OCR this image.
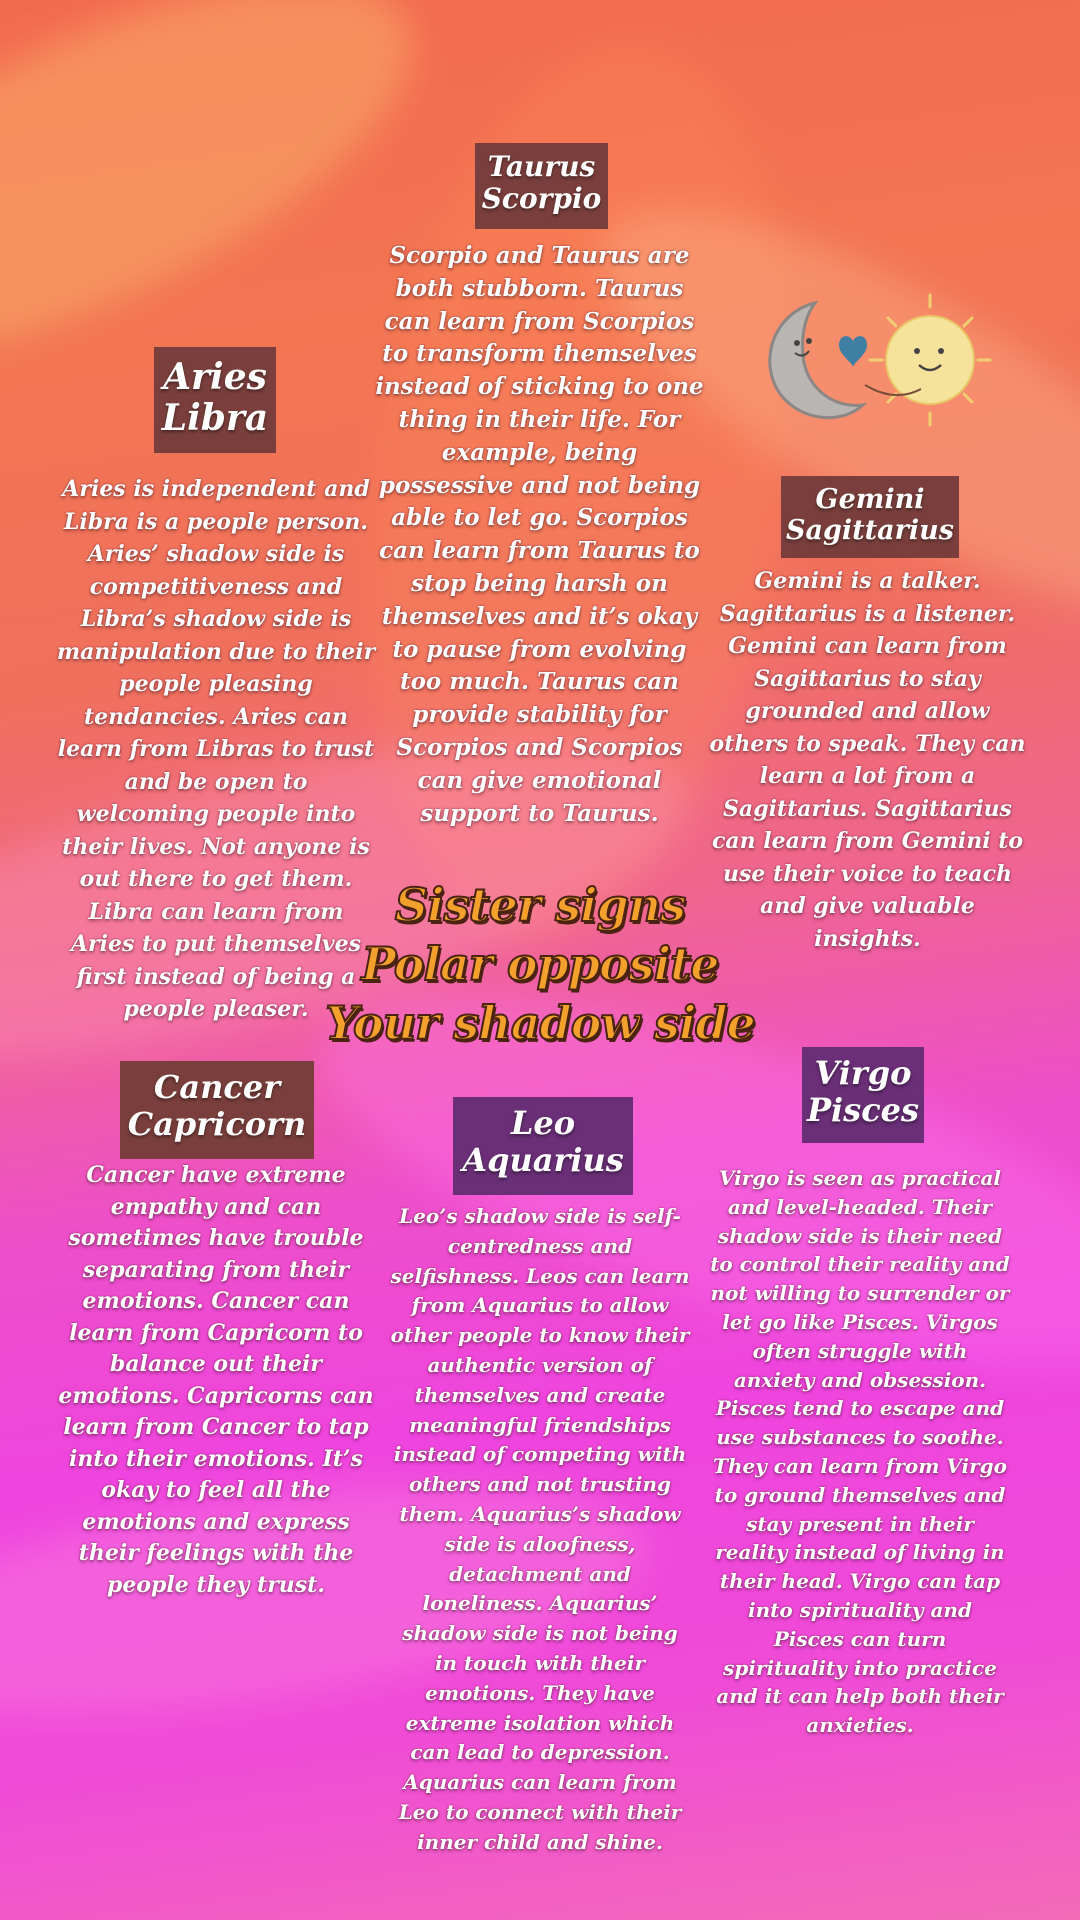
Taurus
Scorpio
Scorpio and Taurus are both stubborn. Taurus can learn from Scorpios to transform themselves instead of sticking to one thing in their life. For example, being possessive and not being able to let go. Scorpios can learn from Taurus to stop being harsh on themselves and it’s okay to pause from evolving too much. Taurus can provide stability for Scorpios and Scorpios can give emotional support to Taurus.
Aries
Libra
Aries is independent and Libra is a people person. Aries’ shadow side is competitiveness and Libra’s shadow side is manipulation due to their people pleasing tendancies. Aries can learn from Libras to trust and be open to welcoming people into their lives. Not anyone is out there to get them. Libra can learn from Aries to put themselves first instead of being a people pleaser.
Gemini
Sagittarius
Gemini is a talker. Sagittarius is a listener. Gemini can learn from Sagittarius to stay grounded and allow others to speak. They can learn a lot from a Sagittarius. Sagittarius can learn from Gemini to use their voice to teach and give valuable insights.
Sister signs
Polar opposite
Your shadow side
Cancer
Capricorn
Cancer have extreme empathy and can sometimes have trouble separating from their emotions. Cancer can learn from Capricorn to balance out their emotions. Capricorns can learn from Cancer to tap into their emotions. It’s okay to feel all the emotions and express their feelings with the people they trust.
Leo
Aquarius
Leo’s shadow side is self-centredness and selfishness. Leos can learn from Aquarius to allow other people to know their authentic version of themselves and create meaningful friendships instead of competing with others and not trusting them. Aquarius’s shadow side is aloofness, detachment and loneliness. Aquarius’ shadow side is not being in touch with their emotions. They have extreme isolation which can lead to depression. Aquarius can learn from Leo to connect with their inner child and shine.
Virgo
Pisces
Virgo is seen as practical and level-headed. Their shadow side is their need to control their reality and not willing to surrender or let go like Pisces. Virgos often struggle with anxiety and obsession. Pisces tend to escape and use substances to soothe. They can learn from Virgo to ground themselves and stay present in their reality instead of living in their head. Virgo can tap into spirituality and Pisces can turn spirituality into practice and it can help both their anxieties.
